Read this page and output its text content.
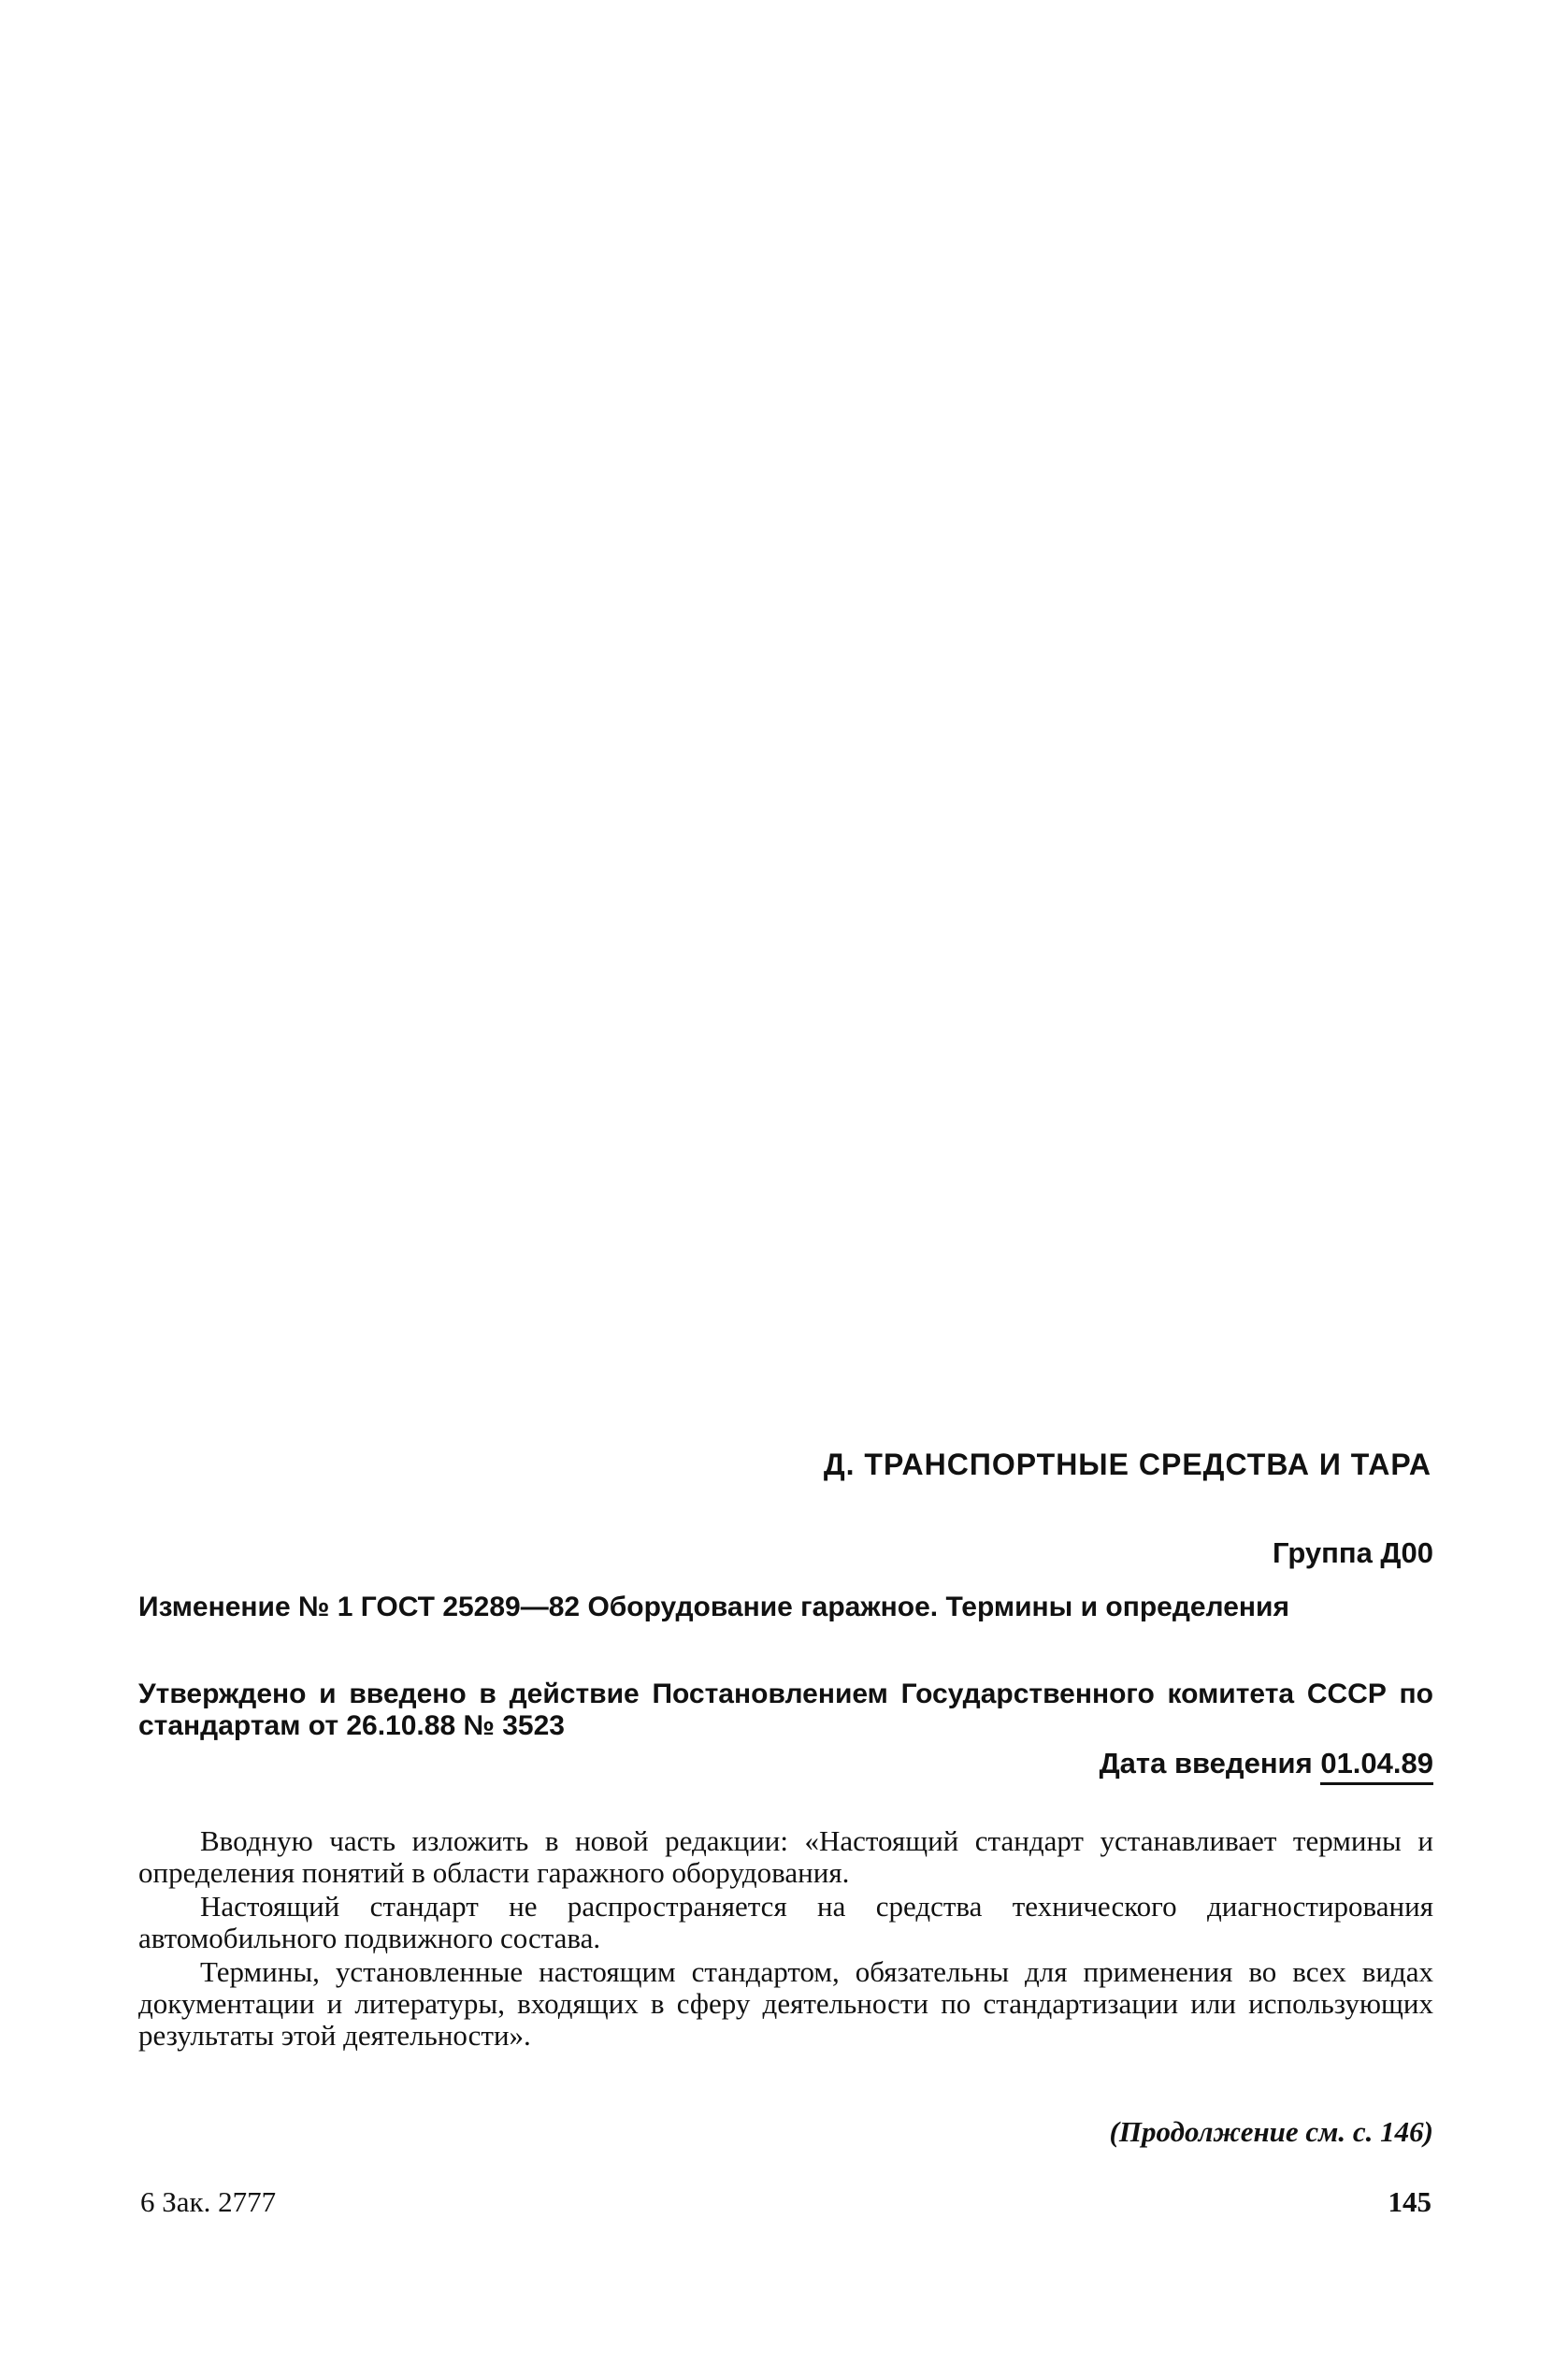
Д. ТРАНСПОРТНЫЕ СРЕДСТВА И ТАРА
Группа Д00
Изменение № 1 ГОСТ 25289—82 Оборудование гаражное. Термины и определения
Утверждено и введено в действие Постановлением Государственного комитета СССР по стандартам от 26.10.88 № 3523
Дата введения 01.04.89

Вводную часть изложить в новой редакции: «Настоящий стандарт устанавливает термины и определения понятий в области гаражного оборудования.

Настоящий стандарт не распространяется на средства технического диагностирования автомобильного подвижного состава.

Термины, установленные настоящим стандартом, обязательны для применения во всех видах документации и литературы, входящих в сферу деятельности по стандартизации или использующих результаты этой деятельности».

(Продолжение см. с. 146)
6 Зак. 2777	145
